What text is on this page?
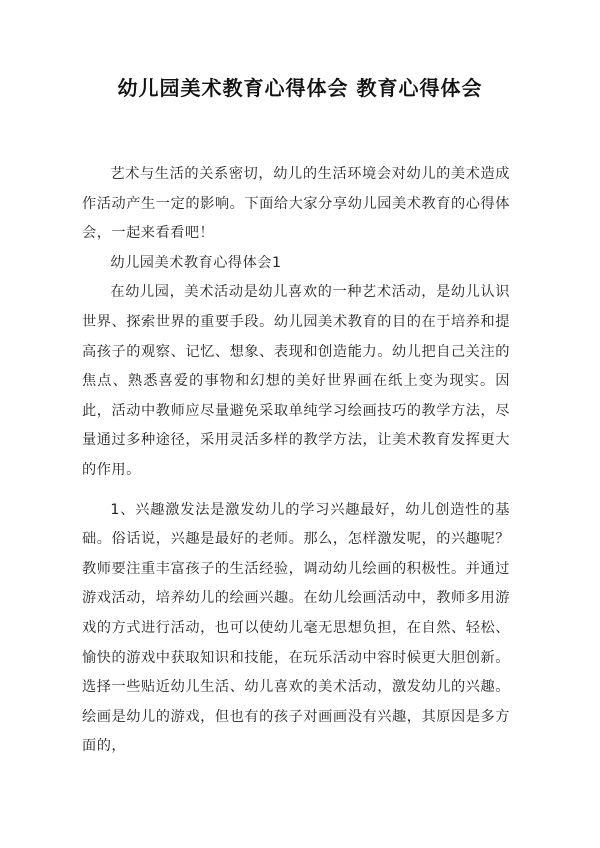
幼儿园美术教育心得体会 教育心得体会

艺术与生活的关系密切，幼儿的生活环境会对幼儿的美术造成作活动产生一定的影响。下面给大家分享幼儿园美术教育的心得体会，一起来看看吧！

幼儿园美术教育心得体会1

在幼儿园，美术活动是幼儿喜欢的一种艺术活动，是幼儿认识世界、探索世界的重要手段。幼儿园美术教育的目的在于培养和提高孩子的观察、记忆、想象、表现和创造能力。幼儿把自己关注的焦点、熟悉喜爱的事物和幻想的美好世界画在纸上变为现实。因此，活动中教师应尽量避免采取单纯学习绘画技巧的教学方法，尽量通过多种途径，采用灵活多样的教学方法，让美术教育发挥更大的作用。

1、兴趣激发法是激发幼儿的学习兴趣最好，幼儿创造性的基础。俗话说，兴趣是最好的老师。那么，怎样激发呢，的兴趣呢？教师要注重丰富孩子的生活经验，调动幼儿绘画的积极性。并通过游戏活动，培养幼儿的绘画兴趣。在幼儿绘画活动中，教师多用游戏的方式进行活动，也可以使幼儿毫无思想负担，在自然、轻松、愉快的游戏中获取知识和技能，在玩乐活动中容时候更大胆创新。选择一些贴近幼儿生活、幼儿喜欢的美术活动，激发幼儿的兴趣。绘画是幼儿的游戏，但也有的孩子对画画没有兴趣，其原因是多方面的，
